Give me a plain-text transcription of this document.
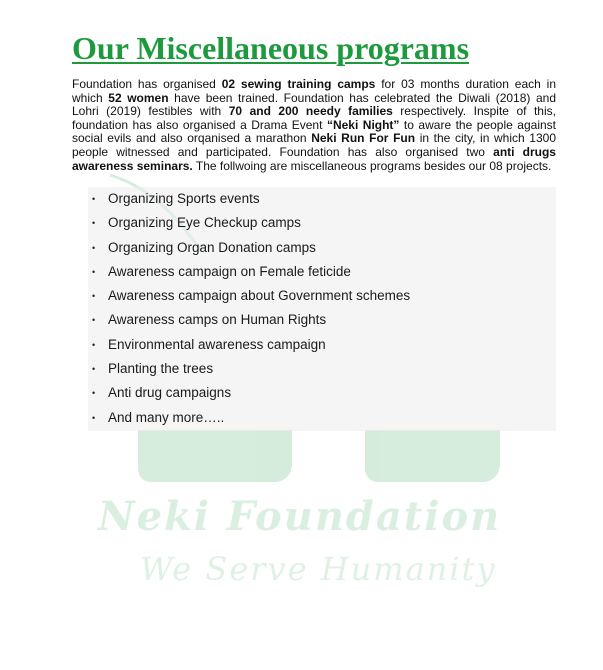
Neki Foundation
We Serve Humanity
Our Miscellaneous programs

Foundation has organised 02 sewing training camps for 03 months duration each in which 52 women have been trained. Foundation has celebrated the Diwali (2018) and Lohri (2019) festibles with 70 and 200 needy families respectively. Inspite of this, foundation has also organised a Drama Event “Neki Night” to aware the people against social evils and also orqanised a marathon Neki Run For Fun in the city, in which 1300 people witnessed and participated. Foundation has also organised two anti drugs awareness seminars. The follwoing are miscellaneous programs besides our 08 projects.

• Organizing Sports events
• Organizing Eye Checkup camps
• Organizing Organ Donation camps
• Awareness campaign on Female feticide
• Awareness campaign about Government schemes
• Awareness camps on Human Rights
• Environmental awareness campaign
• Planting the trees
• Anti drug campaigns
• And many more…..
